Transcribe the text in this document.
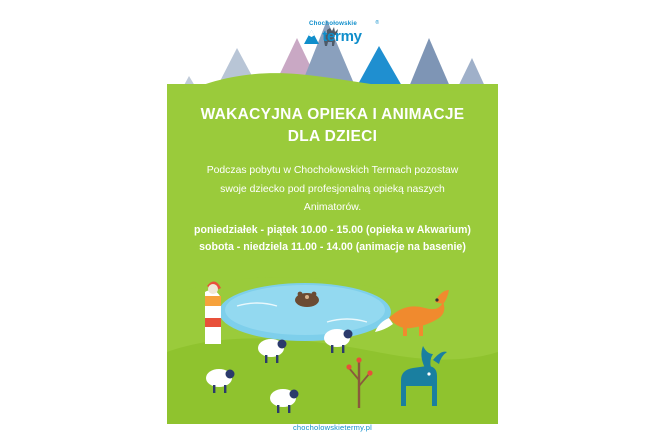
Chochołowskie
termy
®
WAKACYJNA OPIEKA I ANIMACJE
DLA DZIECI
Podczas pobytu w Chochołowskich Termach pozostaw swoje dziecko pod profesjonalną opieką naszych Animatorów.
poniedziałek - piątek 10.00 - 15.00 (opieka w Akwarium)
sobota - niedziela 11.00 - 14.00 (animacje na basenie)
chocholowskietermy.pl
